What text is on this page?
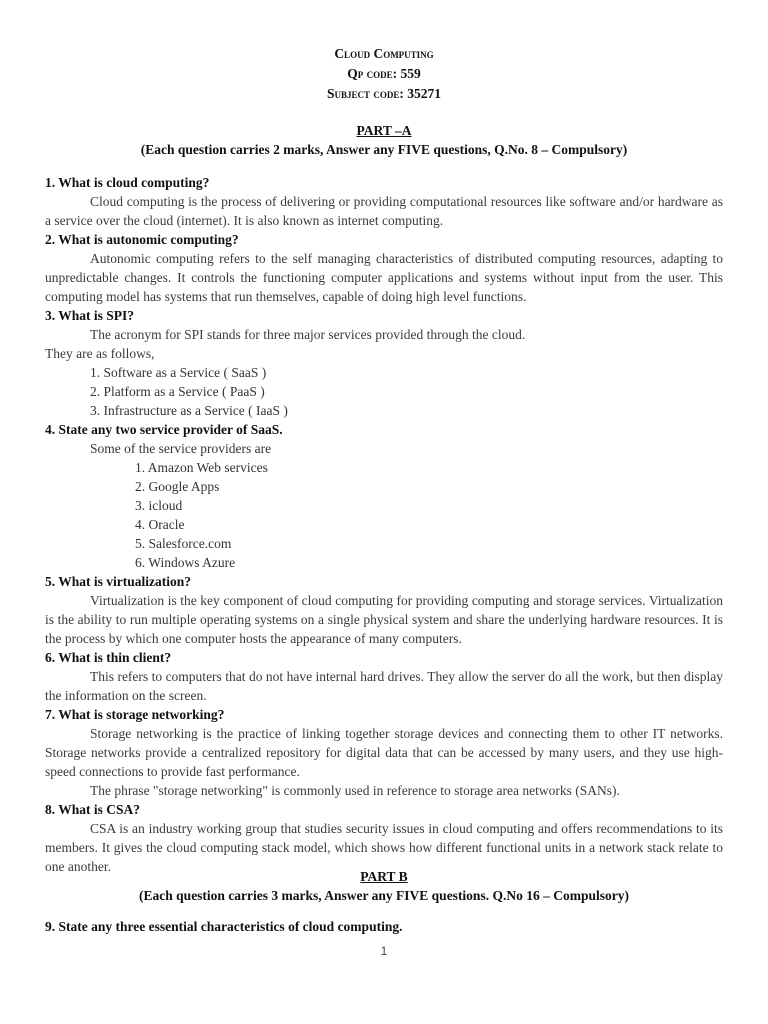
Cloud Computing
Qp code: 559
Subject code: 35271
PART –A
(Each question carries 2 marks, Answer any FIVE questions, Q.No. 8 – Compulsory)

1. What is cloud computing?

Cloud computing is the process of delivering or providing computational resources like software and/or hardware as a service over the cloud (internet). It is also known as internet computing.

2. What is autonomic computing?

Autonomic computing refers to the self managing characteristics of distributed computing resources, adapting to unpredictable changes. It controls the functioning computer applications and systems without input from the user. This computing model has systems that run themselves, capable of doing high level functions.

3. What is SPI?

The acronym for SPI stands for three major services provided through the cloud.

They are as follows,

1. Software as a Service ( SaaS )

2. Platform as a Service ( PaaS )

3. Infrastructure as a Service ( IaaS )

4. State any two service provider of SaaS.

Some of the service providers are

1. Amazon Web services

2. Google Apps

3. icloud

4. Oracle

5. Salesforce.com

6. Windows Azure

5. What is virtualization?

Virtualization is the key component of cloud computing for providing computing and storage services. Virtualization is the ability to run multiple operating systems on a single physical system and share the underlying hardware resources. It is the process by which one computer hosts the appearance of many computers.

6. What is thin client?

This refers to computers that do not have internal hard drives. They allow the server do all the work, but then display the information on the screen.

7. What is storage networking?

Storage networking is the practice of linking together storage devices and connecting them to other IT networks. Storage networks provide a centralized repository for digital data that can be accessed by many users, and they use high-speed connections to provide fast performance.

The phrase "storage networking" is commonly used in reference to storage area networks (SANs).

8. What is CSA?

CSA is an industry working group that studies security issues in cloud computing and offers recommendations to its members. It gives the cloud computing stack model, which shows how different functional units in a network stack relate to one another.

PART B
(Each question carries 3 marks, Answer any FIVE questions. Q.No 16 – Compulsory)

9. State any three essential characteristics of cloud computing.

1
